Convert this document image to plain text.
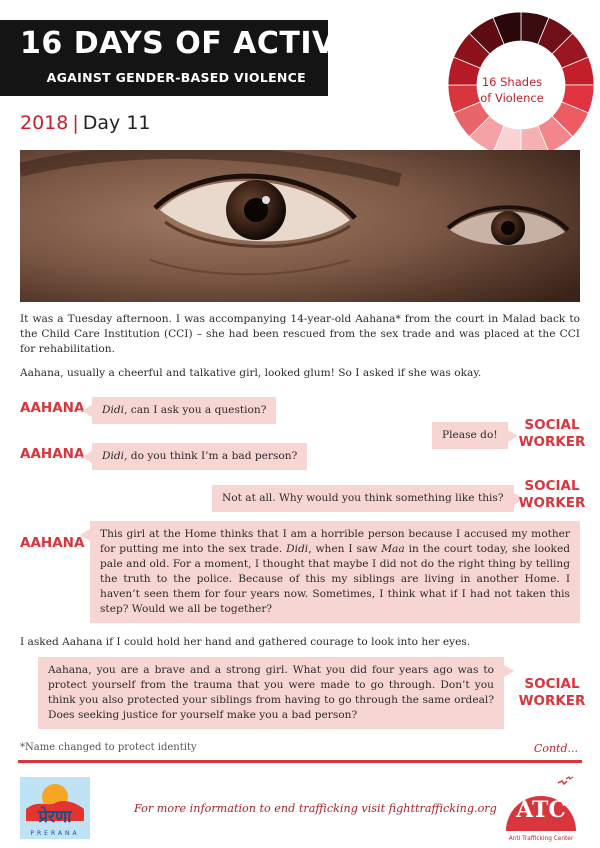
16 DAYS OF ACTIVISM
AGAINST GENDER-BASED VIOLENCE
2018 | Day 11
16 Shades
of Violence
It was a Tuesday afternoon. I was accompanying 14-year-old Aahana* from the court in Malad back to the Child Care Institution (CCI) – she had been rescued from the sex trade and was placed at the CCI for rehabilitation.
Aahana, usually a cheerful and talkative girl, looked glum! So I asked if she was okay.
AAHANA	Didi, can I ask you a question?
Please do!
SOCIAL
WORKER
AAHANA	Didi, do you think I’m a bad person?
Not at all. Why would you think something like this?
SOCIAL
WORKER
AAHANA
This girl at the Home thinks that I am a horrible person because I accused my mother for putting me into the sex trade. Didi, when I saw Maa in the court today, she looked pale and old. For a moment, I thought that maybe I did not do the right thing by telling the truth to the police. Because of this my siblings are living in another Home. I haven’t seen them for four years now. Sometimes, I think what if I had not taken this step? Would we all be together?
I asked Aahana if I could hold her hand and gathered courage to look into her eyes.
Aahana, you are a brave and a strong girl. What you did four years ago was to protect yourself from the trauma that you were made to go through. Don’t you think you also protected your siblings from having to go through the same ordeal? Does seeking justice for yourself make you a bad person?
SOCIAL
WORKER
*Name changed to protect identity	Contd...
प्रेरणा
PRERANA
For more information to end trafficking visit fighttrafficking.org
PRERANA
ATC
Anti Trafficking Center
